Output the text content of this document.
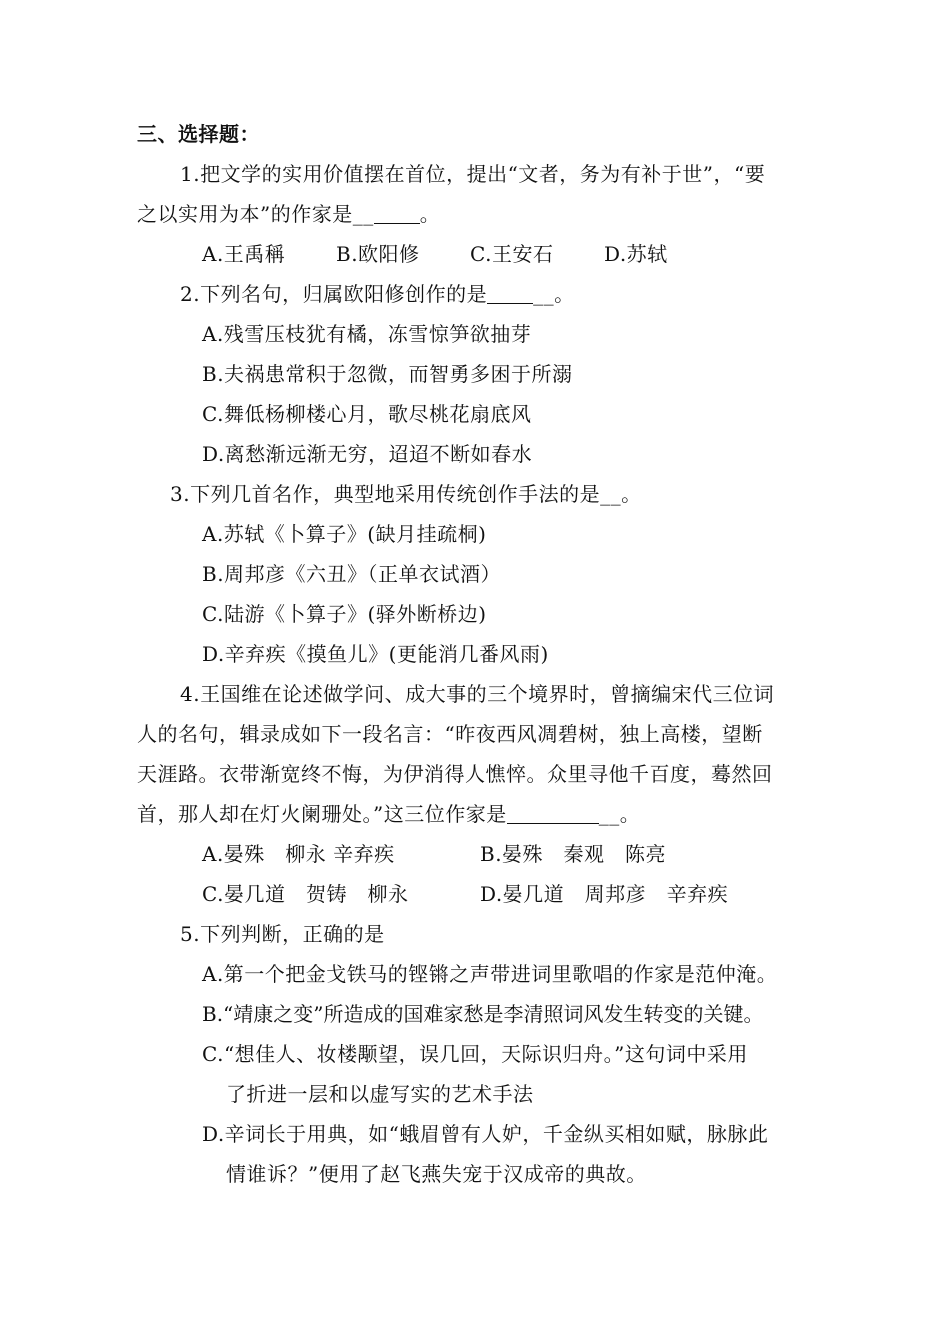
三、选择题：
1.把文学的实用价值摆在首位，提出“文者，务为有补于世”，“要
之以实用为本”的作家是__ 。
A.王禹稱	B.欧阳修	C.王安石	D.苏轼
2.下列名句，归属欧阳修创作的是 __。
A.残雪压枝犹有橘，冻雪惊笋欲抽芽
B.夫祸患常积于忽微，而智勇多困于所溺
C.舞低杨柳楼心月，歌尽桃花扇底风
D.离愁渐远渐无穷，迢迢不断如春水
3.下列几首名作，典型地采用传统创作手法的是__。
A.苏轼《卜算子》(缺月挂疏桐)
B.周邦彦《六丑》（正单衣试酒）
C.陆游《卜算子》(驿外断桥边)
D.辛弃疾《摸鱼儿》(更能消几番风雨)
4.王国维在论述做学问、成大事的三个境界时，曾摘编宋代三位词
人的名句，辑录成如下一段名言：“昨夜西风凋碧树，独上高楼，望断
天涯路。衣带渐宽终不悔，为伊消得人憔悴。众里寻他千百度，蓦然回
首，那人却在灯火阑珊处。”这三位作家是	__。
A.晏殊　柳永 辛弃疾	B.晏殊　秦观　陈亮
C.晏几道　贺铸　柳永	D.晏几道　周邦彦　辛弃疾
5.下列判断，正确的是
A.第一个把金戈铁马的铿锵之声带进词里歌唱的作家是范仲淹。
B.“靖康之变”所造成的国难家愁是李清照词风发生转变的关键。
C.“想佳人、妆楼颙望，误几回，天际识归舟。”这句词中采用
了折进一层和以虚写实的艺术手法
D.辛词长于用典，如“蛾眉曾有人妒，千金纵买相如赋，脉脉此
情谁诉？”便用了赵飞燕失宠于汉成帝的典故。
